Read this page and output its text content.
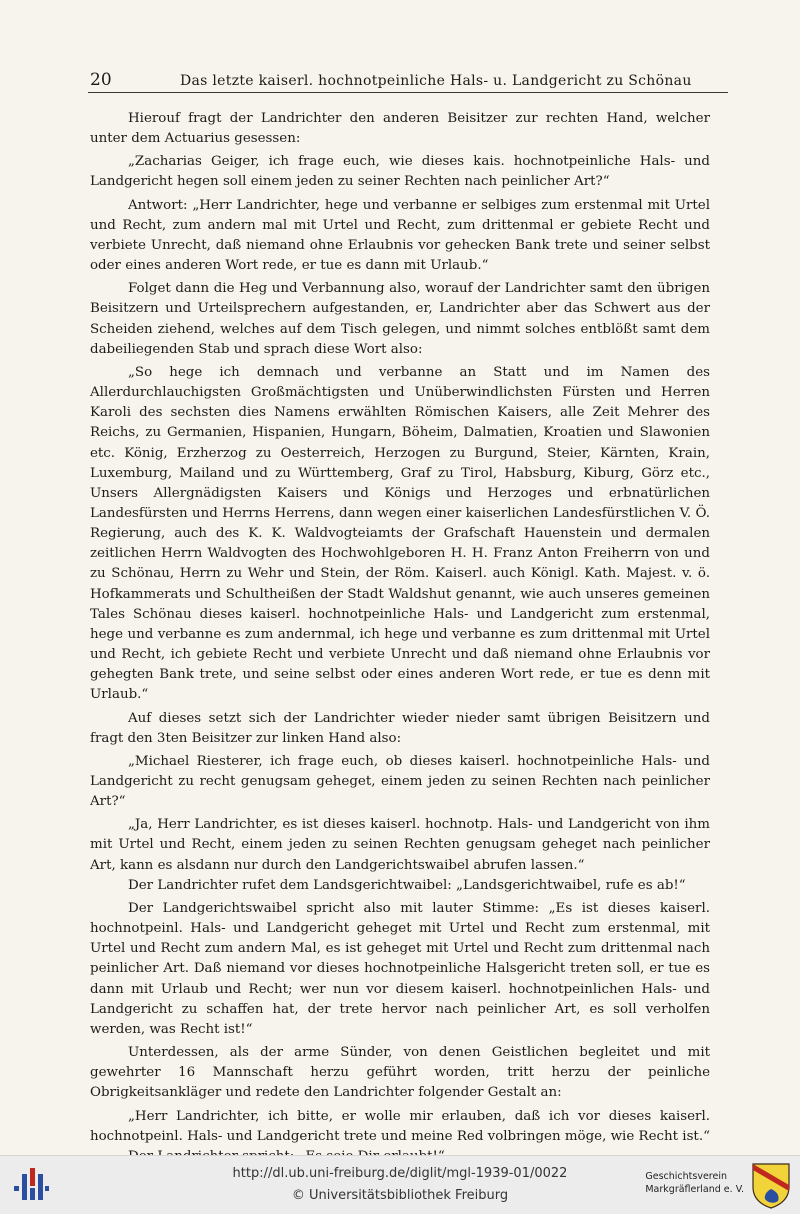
20	Das letzte kaiserl. hochnotpeinliche Hals- u. Landgericht zu Schönau

Hierouf fragt der Landrichter den anderen Beisitzer zur rechten Hand, welcher unter dem Actuarius gesessen:

„Zacharias Geiger, ich frage euch, wie dieses kais. hochnotpeinliche Hals- und Landgericht hegen soll einem jeden zu seiner Rechten nach peinlicher Art?“

Antwort: „Herr Landrichter, hege und verbanne er selbiges zum erstenmal mit Urtel und Recht, zum andern mal mit Urtel und Recht, zum drittenmal er gebiete Recht und verbiete Unrecht, daß niemand ohne Erlaubnis vor gehecken Bank trete und seiner selbst oder eines anderen Wort rede, er tue es dann mit Urlaub.“

Folget dann die Heg und Verbannung also, worauf der Landrichter samt den übrigen Beisitzern und Urteilsprechern aufgestanden, er, Landrichter aber das Schwert aus der Scheiden ziehend, welches auf dem Tisch gelegen, und nimmt solches entblößt samt dem dabeiliegenden Stab und sprach diese Wort also:

„So hege ich demnach und verbanne an Statt und im Namen des Allerdurchlauchigsten Großmächtigsten und Unüberwindlichsten Fürsten und Herren Karoli des sechsten dies Namens erwählten Römischen Kaisers, alle Zeit Mehrer des Reichs, zu Germanien, Hispanien, Hungarn, Böheim, Dalmatien, Kroatien und Slawonien etc. König, Erzherzog zu Oesterreich, Herzogen zu Burgund, Steier, Kärnten, Krain, Luxemburg, Mailand und zu Württemberg, Graf zu Tirol, Habsburg, Kiburg, Görz etc., Unsers Allergnädigsten Kaisers und Königs und Herzoges und erbnatürlichen Landesfürsten und Herrns Herrens, dann wegen einer kaiserlichen Landesfürstlichen V. Ö. Regierung, auch des K. K. Waldvogteiamts der Grafschaft Hauenstein und dermalen zeitlichen Herrn Waldvogten des Hochwohlgeboren H. H. Franz Anton Freiherrn von und zu Schönau, Herrn zu Wehr und Stein, der Röm. Kaiserl. auch Königl. Kath. Majest. v. ö. Hofkammerats und Schultheißen der Stadt Waldshut genannt, wie auch unseres gemeinen Tales Schönau dieses kaiserl. hochnotpeinliche Hals- und Landgericht zum erstenmal, hege und verbanne es zum andernmal, ich hege und verbanne es zum drittenmal mit Urtel und Recht, ich gebiete Recht und verbiete Unrecht und daß niemand ohne Erlaubnis vor gehegten Bank trete, und seine selbst oder eines anderen Wort rede, er tue es denn mit Urlaub.“

Auf dieses setzt sich der Landrichter wieder nieder samt übrigen Beisitzern und fragt den 3ten Beisitzer zur linken Hand also:

„Michael Riesterer, ich frage euch, ob dieses kaiserl. hochnotpeinliche Hals- und Landgericht zu recht genugsam geheget, einem jeden zu seinen Rechten nach peinlicher Art?“

„Ja, Herr Landrichter, es ist dieses kaiserl. hochnotp. Hals- und Landgericht von ihm mit Urtel und Recht, einem jeden zu seinen Rechten genugsam geheget nach peinlicher Art, kann es alsdann nur durch den Landgerichtswaibel abrufen lassen.“

Der Landrichter rufet dem Landsgerichtwaibel: „Landsgerichtwaibel, rufe es ab!“

Der Landgerichtswaibel spricht also mit lauter Stimme: „Es ist dieses kaiserl. hochnotpeinl. Hals- und Landgericht geheget mit Urtel und Recht zum erstenmal, mit Urtel und Recht zum andern Mal, es ist geheget mit Urtel und Recht zum drittenmal nach peinlicher Art. Daß niemand vor dieses hochnotpeinliche Halsgericht treten soll, er tue es dann mit Urlaub und Recht; wer nun vor diesem kaiserl. hochnotpeinlichen Hals- und Landgericht zu schaffen hat, der trete hervor nach peinlicher Art, es soll verholfen werden, was Recht ist!“

Unterdessen, als der arme Sünder, von denen Geistlichen begleitet und mit gewehrter 16 Mannschaft herzu geführt worden, tritt herzu der peinliche Obrigkeitsankläger und redete den Landrichter folgender Gestalt an:

„Herr Landrichter, ich bitte, er wolle mir erlauben, daß ich vor dieses kaiserl. hochnotpeinl. Hals- und Landgericht trete und meine Red volbringen möge, wie Recht ist.“

http://dl.ub.uni-freiburg.de/diglit/mgl-1939-01/0022
© Universitätsbibliothek Freiburg
Geschichtsverein
Markgräflerland e. V.
